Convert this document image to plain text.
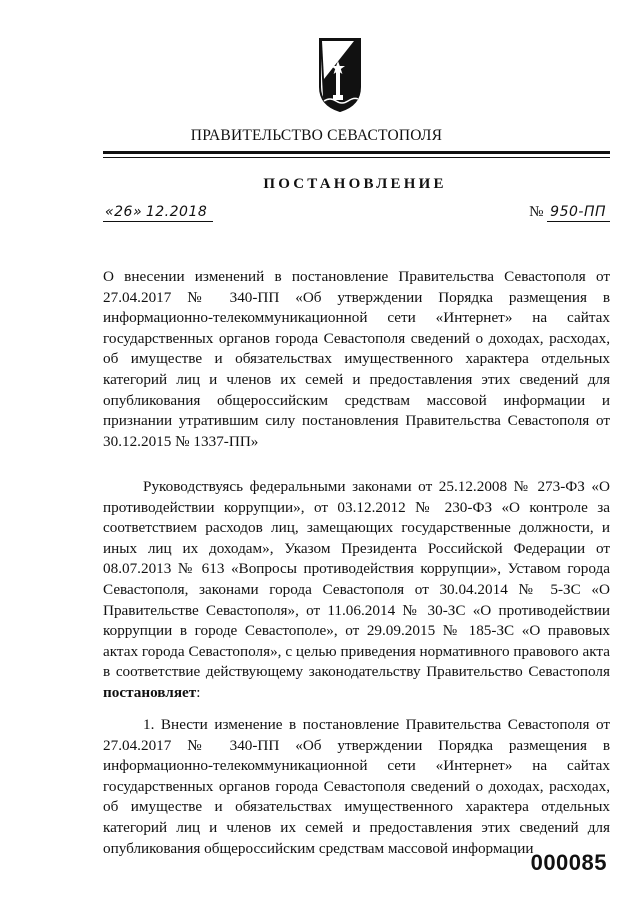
ПРАВИТЕЛЬСТВО СЕВАСТОПОЛЯ
ПОСТАНОВЛЕНИЕ
«26» 12.2018	№ 950-ПП
О внесении изменений в постановление Правительства Севастополя от 27.04.2017 № 340-ПП «Об утверждении Порядка размещения в информационно-телекоммуникационной сети «Интернет» на сайтах государственных органов города Севастополя сведений о доходах, расходах, об имуществе и обязательствах имущественного характера отдельных категорий лиц и членов их семей и предоставления этих сведений для опубликования общероссийским средствам массовой информации и признании утратившим силу постановления Правительства Севастополя от 30.12.2015 № 1337-ПП»
Руководствуясь федеральными законами от 25.12.2008 № 273-ФЗ «О противодействии коррупции», от 03.12.2012 № 230-ФЗ «О контроле за соответствием расходов лиц, замещающих государственные должности, и иных лиц их доходам», Указом Президента Российской Федерации от 08.07.2013 № 613 «Вопросы противодействия коррупции», Уставом города Севастополя, законами города Севастополя от 30.04.2014 № 5-ЗС «О Правительстве Севастополя», от 11.06.2014 № 30-ЗС «О противодействии коррупции в городе Севастополе», от 29.09.2015 № 185-ЗС «О правовых актах города Севастополя», с целью приведения нормативного правового акта в соответствие действующему законодательству Правительство Севастополя постановляет:
1. Внести изменение в постановление Правительства Севастополя от 27.04.2017 № 340-ПП «Об утверждении Порядка размещения в информационно-телекоммуникационной сети «Интернет» на сайтах государственных органов города Севастополя сведений о доходах, расходах, об имуществе и обязательствах имущественного характера отдельных категорий лиц и членов их семей и предоставления этих сведений для опубликования общероссийским средствам массовой информации
000085
